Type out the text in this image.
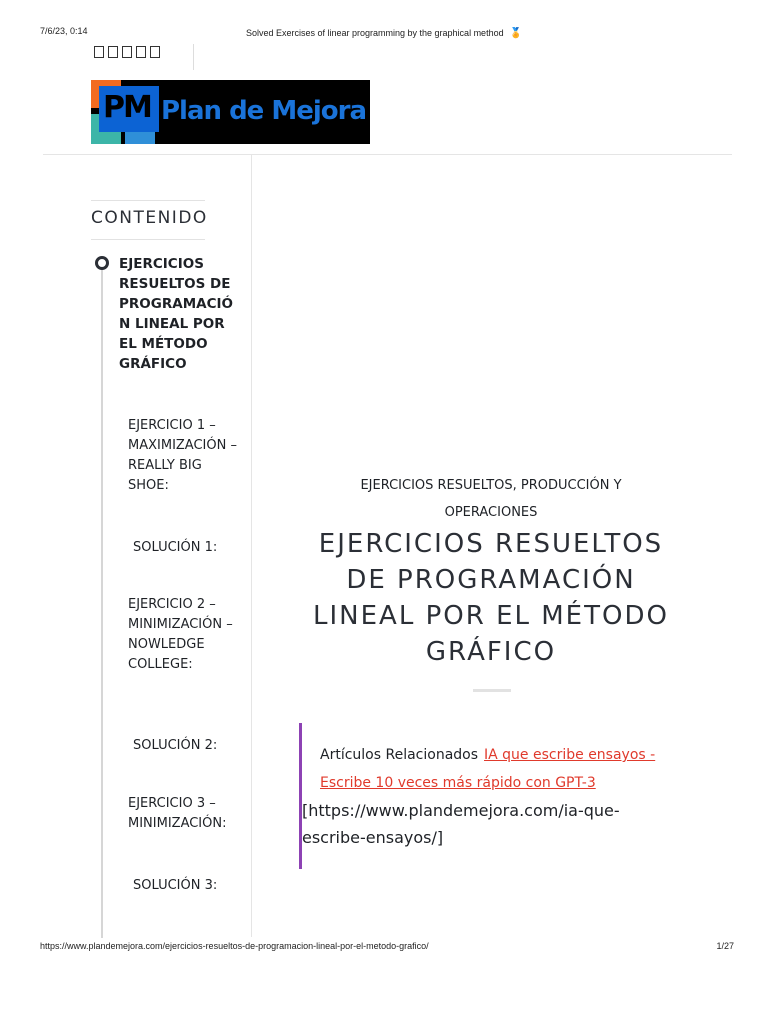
7/6/23, 0:14	Solved Exercises of linear programming by the graphical method 🏅
PM Plan de Mejora
CONTENIDO
EJERCICIOS RESUELTOS DE PROGRAMACIÓN LINEAL POR EL MÉTODO GRÁFICO
EJERCICIO 1 – MAXIMIZACIÓN – REALLY BIG SHOE:
SOLUCIÓN 1:
EJERCICIO 2 – MINIMIZACIÓN – NOWLEDGE COLLEGE:
SOLUCIÓN 2:
EJERCICIO 3 – MINIMIZACIÓN:
SOLUCIÓN 3:
EJERCICIOS RESUELTOS, PRODUCCIÓN Y OPERACIONES
EJERCICIOS RESUELTOS DE PROGRAMACIÓN LINEAL POR EL MÉTODO GRÁFICO
Artículos Relacionados IA que escribe ensayos - Escribe 10 veces más rápido con GPT-3
[https://www.plandemejora.com/ia-que-escribe-ensayos/]
https://www.plandemejora.com/ejercicios-resueltos-de-programacion-lineal-por-el-metodo-grafico/	1/27
